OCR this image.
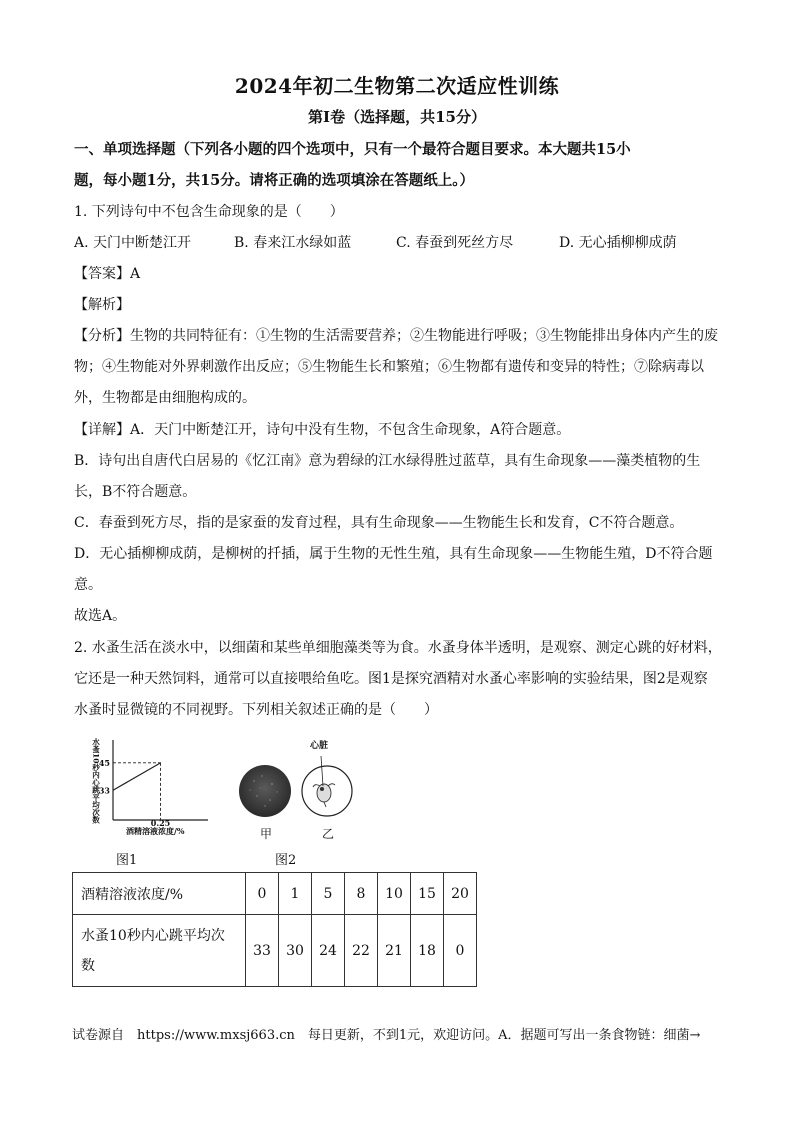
2024年初二生物第二次适应性训练
第Ⅰ卷（选择题，共15分）
一、单项选择题（下列各小题的四个选项中，只有一个最符合题目要求。本大题共15小
题，每小题1分，共15分。请将正确的选项填涂在答题纸上。）
1. 下列诗句中不包含生命现象的是（　　）
A. 天门中断楚江开	B. 春来江水绿如蓝	C. 春蚕到死丝方尽	D. 无心插柳柳成荫
【答案】A
【解析】
【分析】生物的共同特征有：①生物的生活需要营养；②生物能进行呼吸；③生物能排出身体内产生的废
物；④生物能对外界刺激作出反应；⑤生物能生长和繁殖；⑥生物都有遗传和变异的特性；⑦除病毒以
外，生物都是由细胞构成的。
【详解】A．天门中断楚江开，诗句中没有生物，不包含生命现象，A符合题意。
B．诗句出自唐代白居易的《忆江南》意为碧绿的江水绿得胜过蓝草，具有生命现象——藻类植物的生
长，B不符合题意。
C．春蚕到死方尽，指的是家蚕的发育过程，具有生命现象——生物能生长和发育，C不符合题意。
D．无心插柳柳成荫，是柳树的扦插，属于生物的无性生殖，具有生命现象——生物能生殖，D不符合题
意。
故选A。
2. 水蚤生活在淡水中，以细菌和某些单细胞藻类等为食。水蚤身体半透明，是观察、测定心跳的好材料，
它还是一种天然饲料，通常可以直接喂给鱼吃。图1是探究酒精对水蚤心率影响的实验结果，图2是观察
水蚤时显微镜的不同视野。下列相关叙述正确的是（　　）
水蚤10秒内心跳平均次数
33
45
0.25
酒精溶液浓度/%
心脏
甲	乙
图1	图2
酒精溶液浓度/%	0	1	5	8	10	15	20
水蚤10秒内心跳平均次
数	33	30	24	22	21	18	0
试卷源自　https://www.mxsj663.cn　每日更新，不到1元，欢迎访问。A．据题可写出一条食物链：细菌→
